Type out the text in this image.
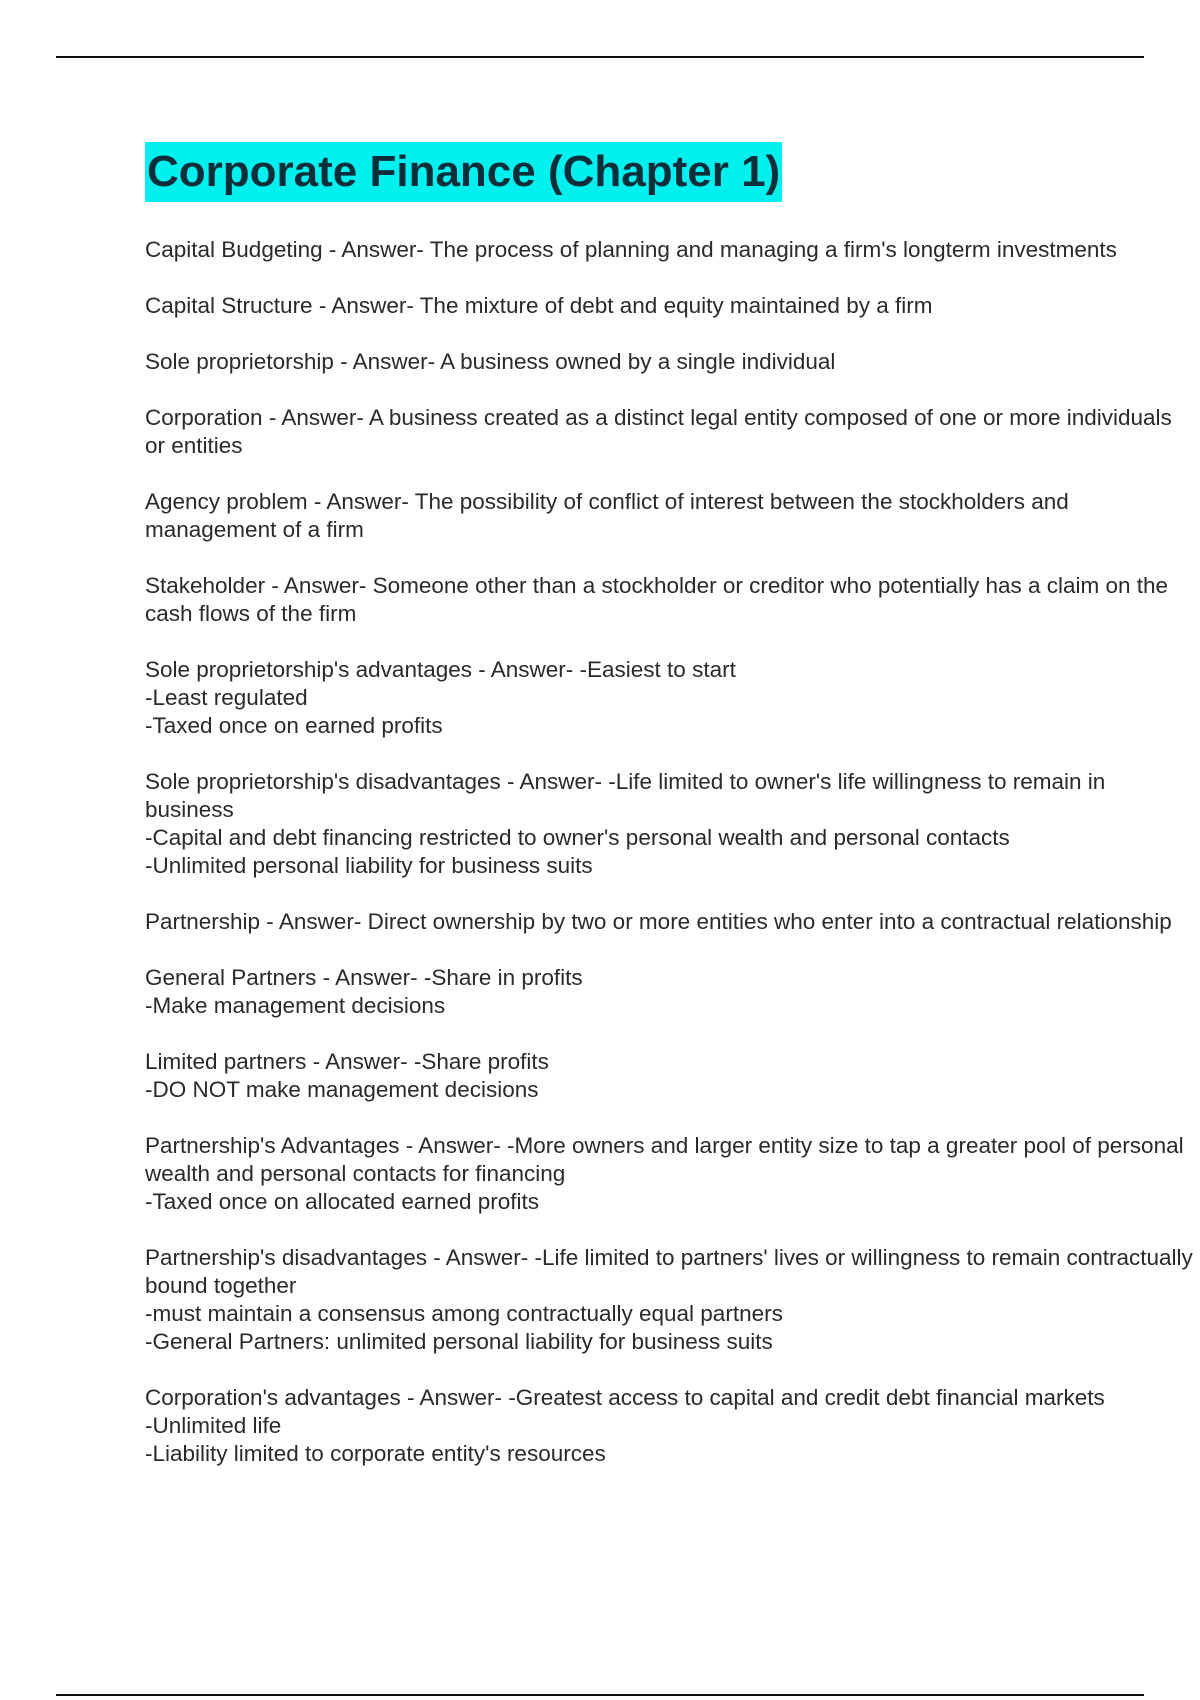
Corporate Finance (Chapter 1)
Capital Budgeting - Answer- The process of planning and managing a firm's longterm investments
Capital Structure - Answer- The mixture of debt and equity maintained by a firm
Sole proprietorship - Answer- A business owned by a single individual
Corporation - Answer- A business created as a distinct legal entity composed of one or more individuals or entities
Agency problem - Answer- The possibility of conflict of interest between the stockholders and management of a firm
Stakeholder - Answer- Someone other than a stockholder or creditor who potentially has a claim on the cash flows of the firm
Sole proprietorship's advantages - Answer- -Easiest to start
-Least regulated
-Taxed once on earned profits
Sole proprietorship's disadvantages - Answer- -Life limited to owner's life willingness to remain in business
-Capital and debt financing restricted to owner's personal wealth and personal contacts
-Unlimited personal liability for business suits
Partnership - Answer- Direct ownership by two or more entities who enter into a contractual relationship
General Partners - Answer- -Share in profits
-Make management decisions
Limited partners - Answer- -Share profits
-DO NOT make management decisions
Partnership's Advantages - Answer- -More owners and larger entity size to tap a greater pool of personal wealth and personal contacts for financing
-Taxed once on allocated earned profits
Partnership's disadvantages - Answer- -Life limited to partners' lives or willingness to remain contractually bound together
-must maintain a consensus among contractually equal partners
-General Partners: unlimited personal liability for business suits
Corporation's advantages - Answer- -Greatest access to capital and credit debt financial markets
-Unlimited life
-Liability limited to corporate entity's resources
